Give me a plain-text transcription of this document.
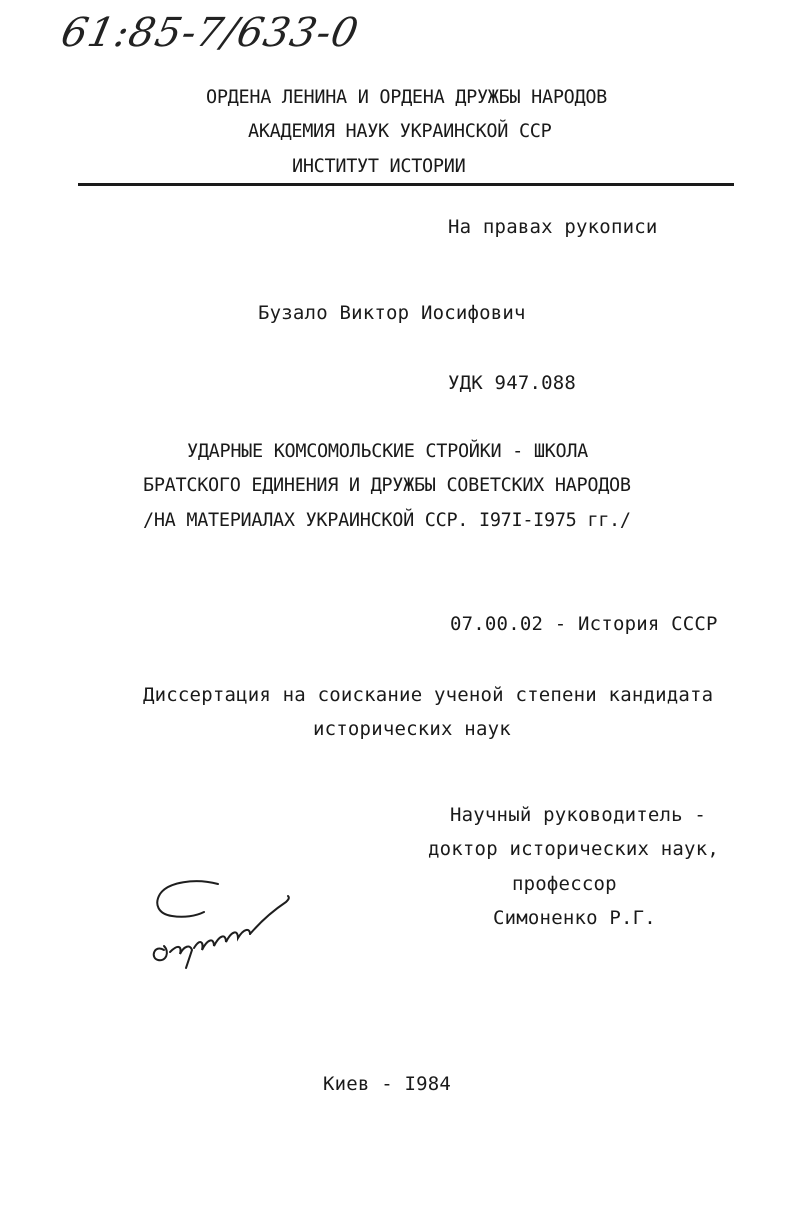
61:85-7/633-0
ОРДЕНА ЛЕНИНА И ОРДЕНА ДРУЖБЫ НАРОДОВ
АКАДЕМИЯ НАУК УКРАИНСКОЙ ССР
ИНСТИТУТ ИСТОРИИ
На правах рукописи
Бузало Виктор Иосифович
УДК 947.088
УДАРНЫЕ КОМСОМОЛЬСКИЕ СТРОЙКИ - ШКОЛА
БРАТСКОГО ЕДИНЕНИЯ И ДРУЖБЫ СОВЕТСКИХ НАРОДОВ
/НА МАТЕРИАЛАХ УКРАИНСКОЙ ССР. I97I-I975 гг./
07.00.02 - История СССР
Диссертация на соискание ученой степени кандидата
исторических наук
Научный руководитель -
доктор исторических наук,
профессор
Симоненко Р.Г.
Киев - I984
